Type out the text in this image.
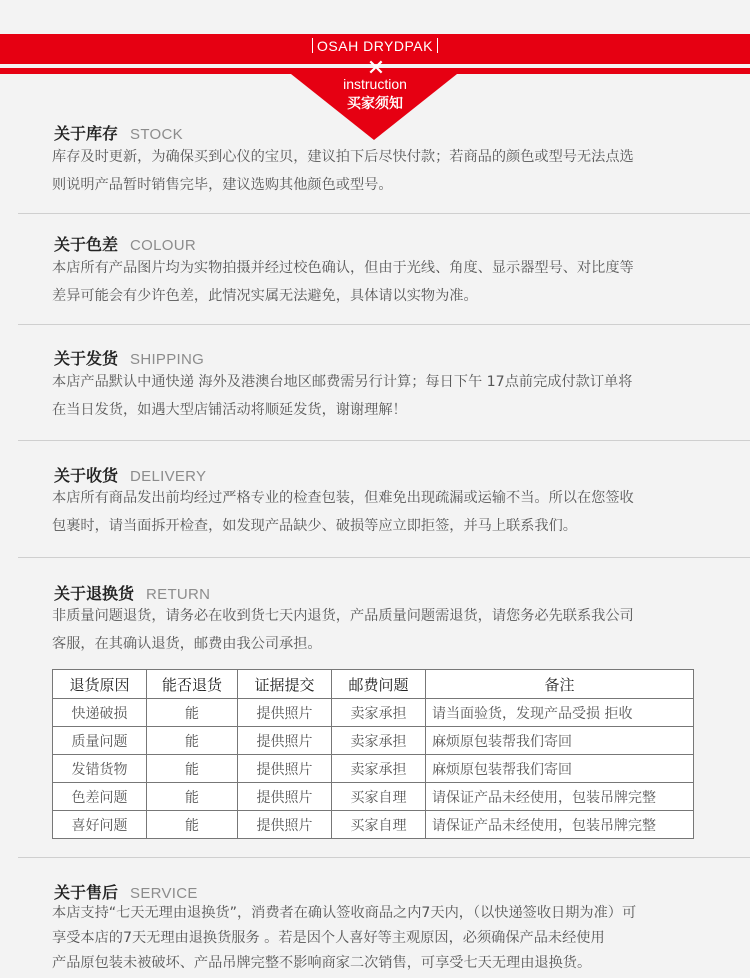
OSAH DRYDPAK
✕
instruction
买家须知
关于库存 STOCK

库存及时更新，为确保买到心仪的宝贝，建议拍下后尽快付款；若商品的颜色或型号无法点选

则说明产品暂时销售完毕，建议选购其他颜色或型号。

关于色差 COLOUR

本店所有产品图片均为实物拍摄并经过校色确认，但由于光线、角度、显示器型号、对比度等

差异可能会有少许色差，此情况实属无法避免，具体请以实物为准。

关于发货 SHIPPING

本店产品默认中通快递 海外及港澳台地区邮费需另行计算；每日下午 17点前完成付款订单将

在当日发货，如遇大型店铺活动将顺延发货，谢谢理解！

关于收货 DELIVERY

本店所有商品发出前均经过严格专业的检查包装，但难免出现疏漏或运输不当。所以在您签收

包裹时，请当面拆开检查，如发现产品缺少、破损等应立即拒签，并马上联系我们。

关于退换货 RETURN

非质量问题退货，请务必在收到货七天内退货，产品质量问题需退货，请您务必先联系我公司

客服，在其确认退货，邮费由我公司承担。

退货原因	能否退货	证据提交	邮费问题	备注
快递破损	能	提供照片	卖家承担	请当面验货，发现产品受损 拒收
质量问题	能	提供照片	卖家承担	麻烦原包装帮我们寄回
发错货物	能	提供照片	卖家承担	麻烦原包装帮我们寄回
色差问题	能	提供照片	买家自理	请保证产品未经使用，包装吊牌完整
喜好问题	能	提供照片	买家自理	请保证产品未经使用，包装吊牌完整
关于售后 SERVICE

本店支持“七天无理由退换货”，消费者在确认签收商品之内7天内，（以快递签收日期为准）可

享受本店的7天无理由退换货服务 。若是因个人喜好等主观原因，必须确保产品未经使用

产品原包装未被破坏、产品吊牌完整不影响商家二次销售，可享受七天无理由退换货。
